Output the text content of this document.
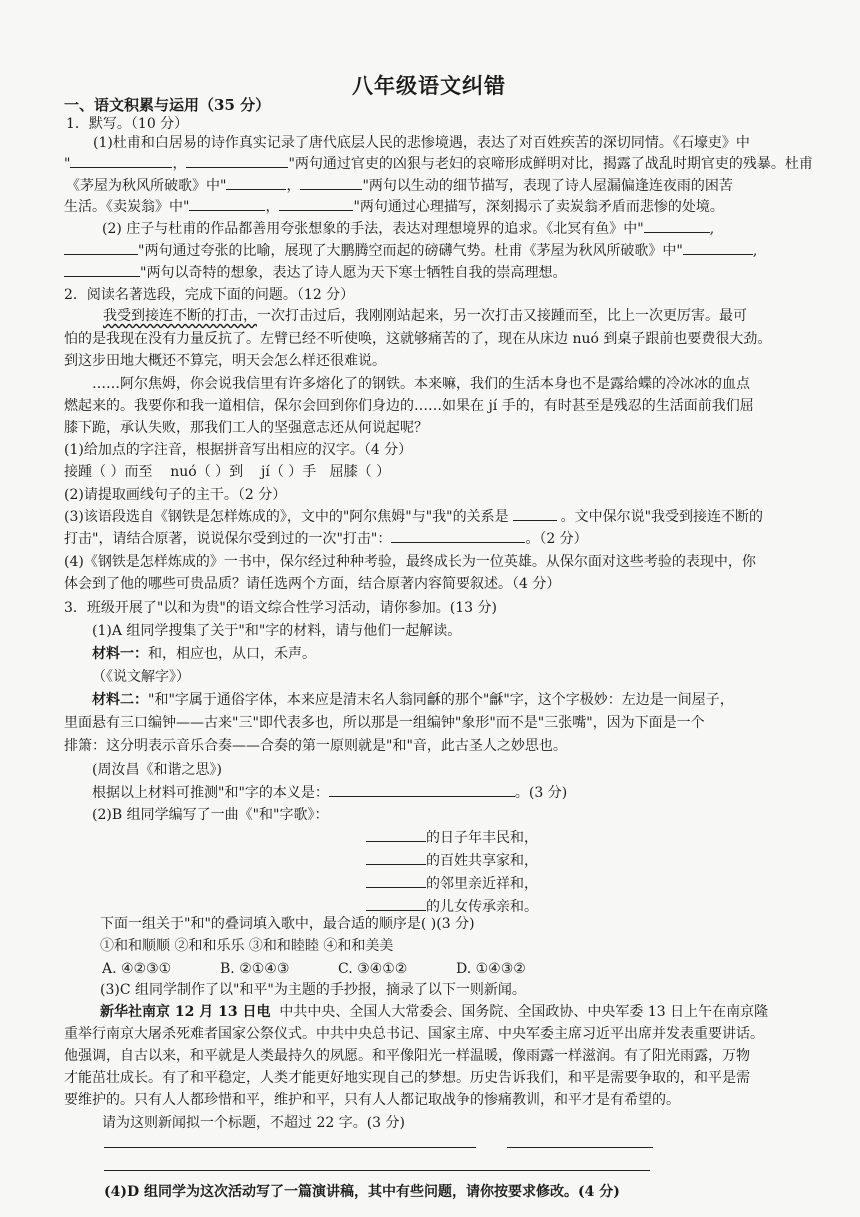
八年级语文纠错
一、语文积累与运用（35 分）
1．默写。（10 分）
(1)杜甫和白居易的诗作真实记录了唐代底层人民的悲惨境遇，表达了对百姓疾苦的深切同情。《石壕吏》中
"	，	"两句通过官吏的凶狠与老妇的哀啼形成鲜明对比，揭露了战乱时期官吏的残暴。杜甫
《茅屋为秋风所破歌》中"	，	"两句以生动的细节描写，表现了诗人屋漏偏逢连夜雨的困苦
生活。《卖炭翁》中"	，	"两句通过心理描写，深刻揭示了卖炭翁矛盾而悲惨的处境。
(2) 庄子与杜甫的作品都善用夸张想象的手法，表达对理想境界的追求。《北冥有鱼》中"	,
"两句通过夸张的比喻，展现了大鹏腾空而起的磅礴气势。杜甫《茅屋为秋风所破歌》中"	,
"两句以奇特的想象，表达了诗人愿为天下寒士牺牲自我的崇高理想。
2．阅读名著选段，完成下面的问题。（12 分）
我受到接连不断的打击，一次打击过后，我刚刚站起来，另一次打击又接踵而至，比上一次更厉害。最可
怕的是我现在没有力量反抗了。左臂已经不听使唤，这就够痛苦的了，现在从床边 nuó 到桌子跟前也要费很大劲。
到这步田地大概还不算完，明天会怎么样还很难说。
……阿尔焦姆，你会说我信里有许多熔化了的钢铁。本来嘛，我们的生活本身也不是露给蝶的冷冰冰的血点
燃起来的。我要你和我一道相信，保尔会回到你们身边的……如果在 jí 手的，有时甚至是残忍的生活面前我们屈
膝下跪，承认失败，那我们工人的坚强意志还从何说起呢？
(1)给加点的字注音，根据拼音写出相应的汉字。（4 分）
接踵（ ）而至 nuó（ ）到 jí（ ）手 屈膝（ ）
(2)请提取画线句子的主干。（2 分）
(3)该语段选自《钢铁是怎样炼成的》，文中的"阿尔焦姆"与"我"的关系是	。文中保尔说"我受到接连不断的
打击"，请结合原著，说说保尔受到过的一次"打击"：	。（2 分）
(4)《钢铁是怎样炼成的》一书中，保尔经过种种考验，最终成长为一位英雄。从保尔面对这些考验的表现中，你
体会到了他的哪些可贵品质？请任选两个方面，结合原著内容简要叙述。（4 分）
3．班级开展了"以和为贵"的语文综合性学习活动，请你参加。(13 分)
(1)A 组同学搜集了关于"和"字的材料，请与他们一起解读。
材料一：和，相应也，从口，禾声。
（《说文解字》）
材料二："和"字属于通俗字体，本来应是清末名人翁同龢的那个"龢"字，这个字极妙：左边是一间屋子，
里面悬有三口编钟——古来"三"即代表多也，所以那是一组编钟"象形"而不是"三张嘴"，因为下面是一个
排箫：这分明表示音乐合奏——合奏的第一原则就是"和"音，此古圣人之妙思也。
(周汝昌《和谐之思》)
根据以上材料可推测"和"字的本义是：	。(3 分)
(2)B 组同学编写了一曲《"和"字歌》：
的日子年丰民和，
的百姓共享家和，
的邻里亲近祥和，
的儿女传承亲和。
下面一组关于"和"的叠词填入歌中，最合适的顺序是( )(3 分)
①和和顺顺 ②和和乐乐 ③和和睦睦 ④和和美美
A. ④②③①	B. ②①④③	C. ③④①②	D. ①④③②
(3)C 组同学制作了以"和平"为主题的手抄报，摘录了以下一则新闻。
新华社南京 12 月 13 日电 中共中央、全国人大常委会、国务院、全国政协、中央军委 13 日上午在南京隆
重举行南京大屠杀死难者国家公祭仪式。中共中央总书记、国家主席、中央军委主席习近平出席并发表重要讲话。
他强调，自古以来，和平就是人类最持久的夙愿。和平像阳光一样温暖，像雨露一样滋润。有了阳光雨露，万物
才能茁壮成长。有了和平稳定，人类才能更好地实现自己的梦想。历史告诉我们，和平是需要争取的，和平是需
要维护的。只有人人都珍惜和平，维护和平，只有人人都记取战争的惨痛教训，和平才是有希望的。
请为这则新闻拟一个标题，不超过 22 字。(3 分)
(4)D 组同学为这次活动写了一篇演讲稿，其中有些问题，请你按要求修改。(4 分)
